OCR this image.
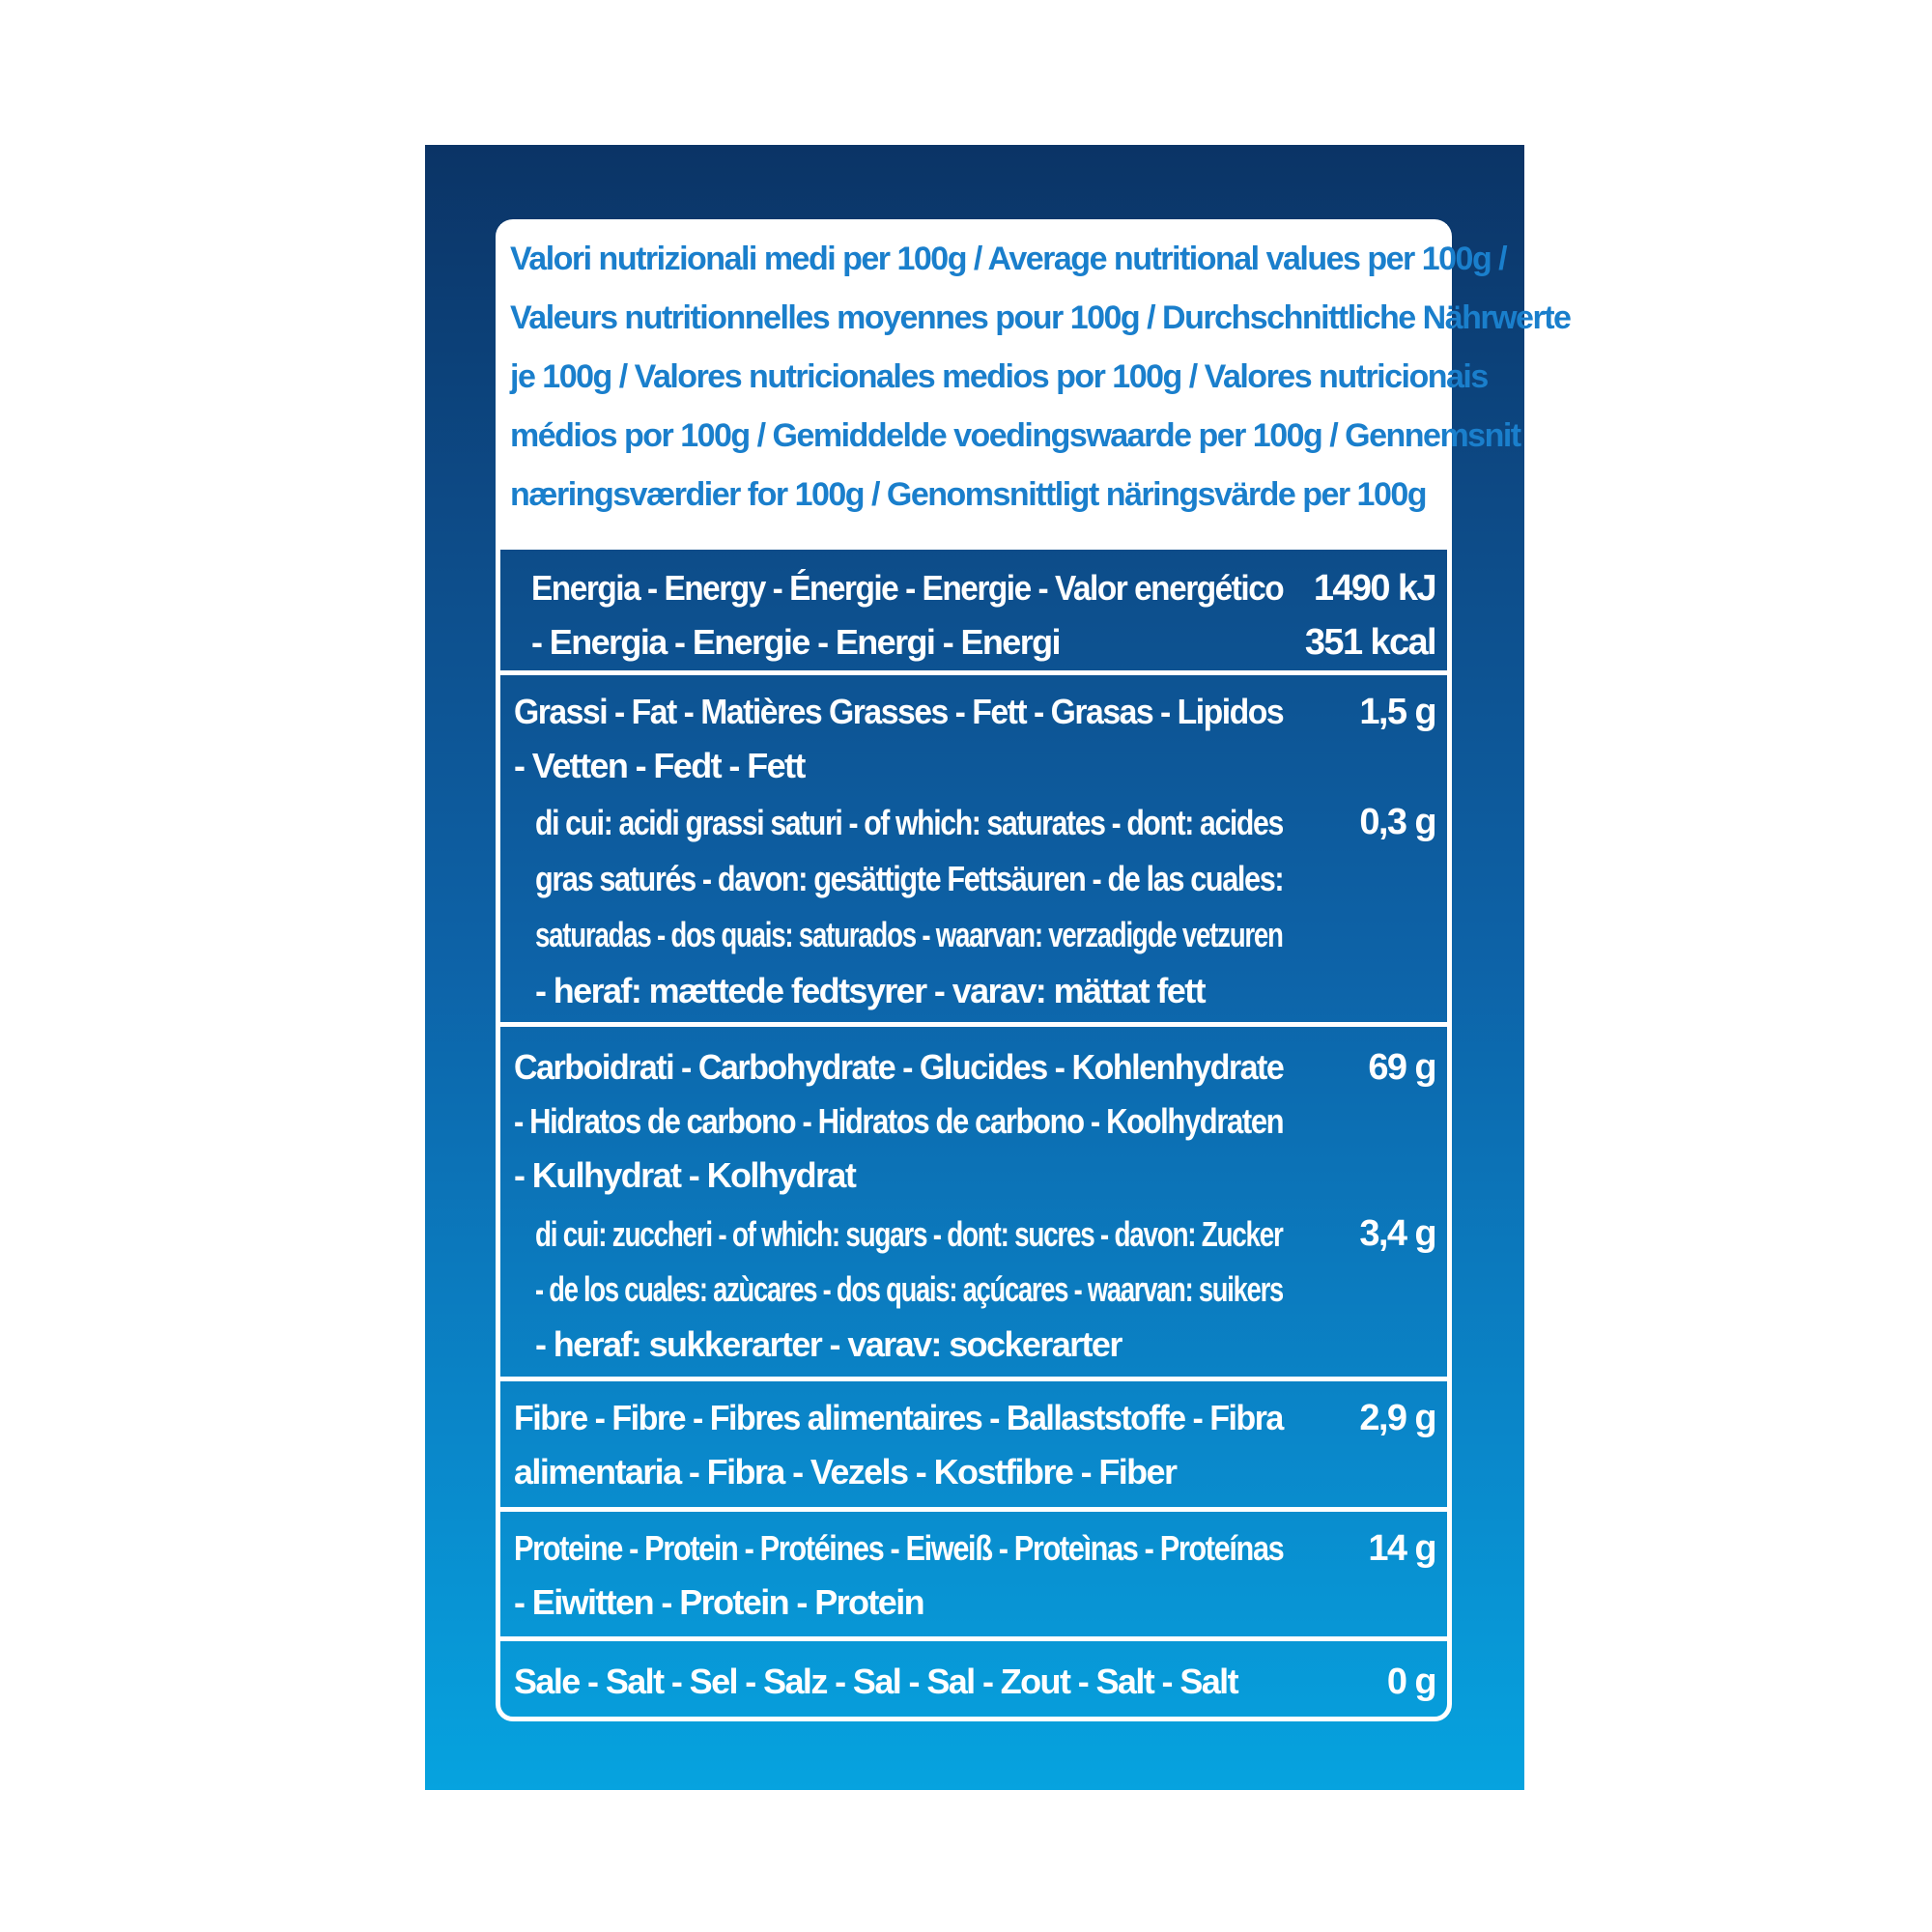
Valori nutrizionali medi per 100g / Average nutritional values per 100g /
Valeurs nutritionnelles moyennes pour 100g / Durchschnittliche Nährwerte
je 100g / Valores nutricionales medios por 100g / Valores nutricionais
médios por 100g / Gemiddelde voedingswaarde per 100g / Gennemsnit
næringsværdier for 100g / Genomsnittligt näringsvärde per 100g
Energia - Energy - Énergie - Energie - Valor energético
- Energia - Energie - Energi - Energi
1490 kJ
351 kcal
Grassi - Fat - Matières Grasses - Fett - Grasas - Lipidos
- Vetten - Fedt - Fett
1,5 g
di cui: acidi grassi saturi - of which: saturates - dont: acides
gras saturés - davon: gesättigte Fettsäuren - de las cuales:
saturadas - dos quais: saturados - waarvan: verzadigde vetzuren
- heraf: mættede fedtsyrer - varav: mättat fett
0,3 g
Carboidrati - Carbohydrate - Glucides - Kohlenhydrate
- Hidratos de carbono - Hidratos de carbono - Koolhydraten
- Kulhydrat - Kolhydrat
69 g
di cui: zuccheri - of which: sugars - dont: sucres - davon: Zucker
- de los cuales: azùcares - dos quais: açúcares - waarvan: suikers
- heraf: sukkerarter - varav: sockerarter
3,4 g
Fibre - Fibre - Fibres alimentaires - Ballaststoffe - Fibra
alimentaria - Fibra - Vezels - Kostfibre - Fiber
2,9 g
Proteine - Protein - Protéines - Eiweiß - Proteìnas - Proteínas
- Eiwitten - Protein - Protein
14 g
Sale - Salt - Sel - Salz - Sal - Sal - Zout - Salt - Salt	0 g
